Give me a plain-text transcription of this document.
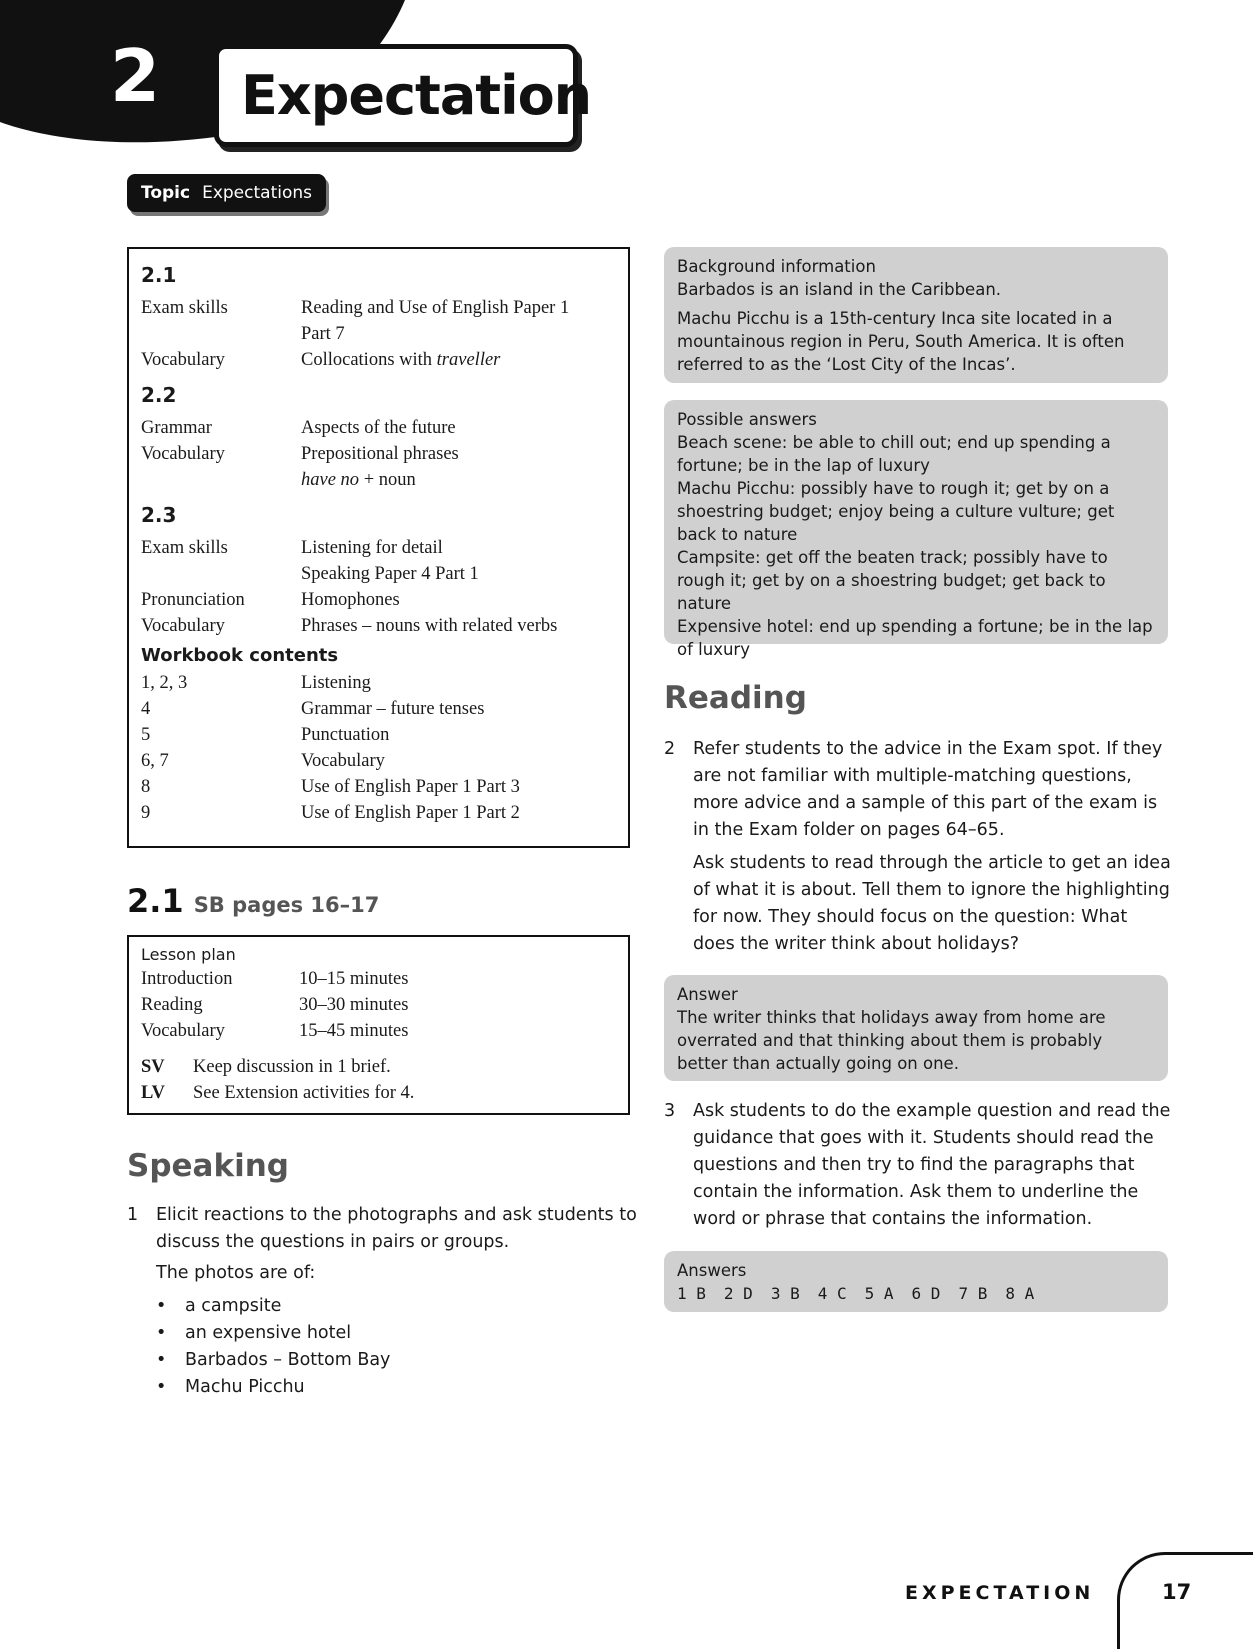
2	Expectation
Topic Expectations
2.1
Exam skills	Reading and Use of English Paper 1
Part 7
Vocabulary	Collocations with traveller
2.2
Grammar	Aspects of the future
Vocabulary	Prepositional phrases
have no + noun
2.3
Exam skills	Listening for detail
Speaking Paper 4 Part 1
Pronunciation	Homophones
Vocabulary	Phrases – nouns with related verbs
Workbook contents
1, 2, 3	Listening
4	Grammar – future tenses
5	Punctuation
6, 7	Vocabulary
8	Use of English Paper 1 Part 3
9	Use of English Paper 1 Part 2
2.1 SB pages 16–17
Lesson plan
Introduction	10–15 minutes
Reading	30–30 minutes
Vocabulary	15–45 minutes
SV	Keep discussion in 1 brief.
LV	See Extension activities for 4.
Speaking
1 Elicit reactions to the photographs and ask students to discuss the questions in pairs or groups.

The photos are of:

• a campsite
• an expensive hotel
• Barbados – Bottom Bay
• Machu Picchu
Background information

Barbados is an island in the Caribbean.

Machu Picchu is a 15th-century Inca site located in a mountainous region in Peru, South America. It is often referred to as the ‘Lost City of the Incas’.

Possible answers
Beach scene: be able to chill out; end up spending a fortune; be in the lap of luxury
Machu Picchu: possibly have to rough it; get by on a shoestring budget; enjoy being a culture vulture; get back to nature
Campsite: get off the beaten track; possibly have to rough it; get by on a shoestring budget; get back to nature
Expensive hotel: end up spending a fortune; be in the lap of luxury
Reading
2 Refer students to the advice in the Exam spot. If they are not familiar with multiple-matching questions, more advice and a sample of this part of the exam is in the Exam folder on pages 64–65.

Ask students to read through the article to get an idea of what it is about. Tell them to ignore the highlighting for now. They should focus on the question: What does the writer think about holidays?

Answer
The writer thinks that holidays away from home are overrated and that thinking about them is probably better than actually going on one.
3 Ask students to do the example question and read the guidance that goes with it. Students should read the questions and then try to find the paragraphs that contain the information. Ask them to underline the word or phrase that contains the information.

Answers
1 B 2 D 3 B 4 C 5 A 6 D 7 B 8 A
EXPECTATION	17
